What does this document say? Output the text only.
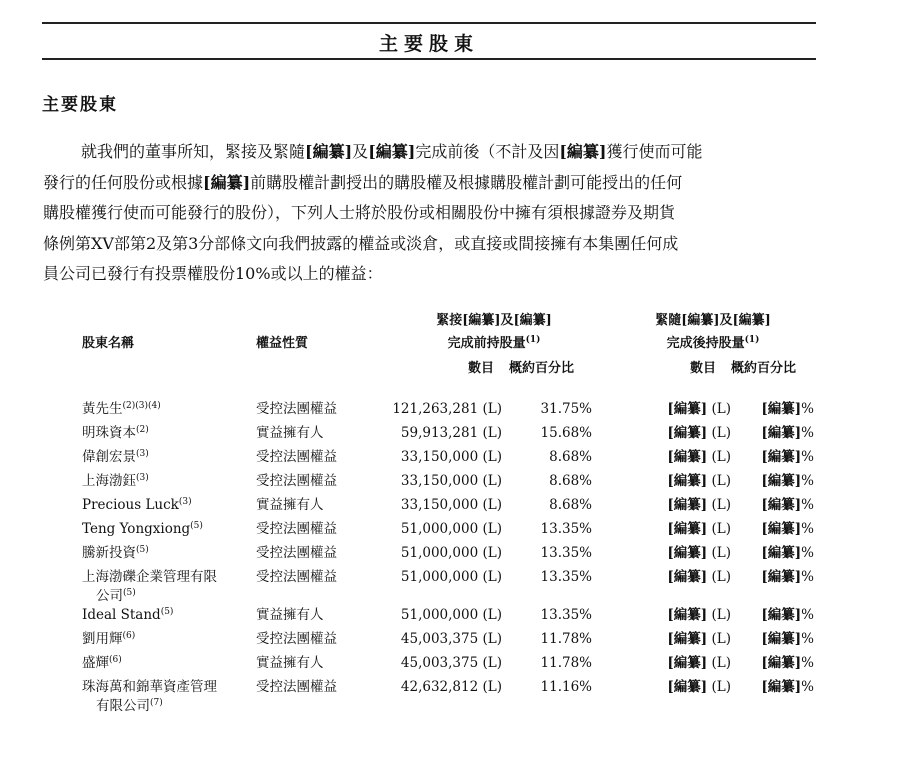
主要股東
主要股東
就我們的董事所知，緊接及緊隨[編纂]及[編纂]完成前後（不計及因[編纂]獲行使而可能
發行的任何股份或根據[編纂]前購股權計劃授出的購股權及根據購股權計劃可能授出的任何
購股權獲行使而可能發行的股份），下列人士將於股份或相關股份中擁有須根據證券及期貨
條例第XV部第2及第3分部條文向我們披露的權益或淡倉，或直接或間接擁有本集團任何成
員公司已發行有投票權股份10%或以上的權益：
股東名稱	權益性質
緊接[編纂]及[編纂]
完成前持股量$^{(1)}$
緊隨[編纂]及[編纂]
完成後持股量$^{(1)}$
數目 概約百分比	數目 概約百分比
黃先生$^{(2)(3)(4)}$	受控法團權益	121,263,281 (L)	31.75%	[編纂] (L)	[編纂]%
明珠資本$^{(2)}$	實益擁有人	59,913,281 (L)	15.68%	[編纂] (L)	[編纂]%
偉創宏景$^{(3)}$	受控法團權益	33,150,000 (L)	8.68%	[編纂] (L)	[編纂]%
上海渤鈺$^{(3)}$	受控法團權益	33,150,000 (L)	8.68%	[編纂] (L)	[編纂]%
Precious Luck$^{(3)}$	實益擁有人	33,150,000 (L)	8.68%	[編纂] (L)	[編纂]%
Teng Yongxiong$^{(5)}$	受控法團權益	51,000,000 (L)	13.35%	[編纂] (L)	[編纂]%
騰新投資$^{(5)}$	受控法團權益	51,000,000 (L)	13.35%	[編纂] (L)	[編纂]%
上海渤礫企業管理有限
公司$^{(5)}$	受控法團權益	51,000,000 (L)	13.35%	[編纂] (L)	[編纂]%
Ideal Stand$^{(5)}$	實益擁有人	51,000,000 (L)	13.35%	[編纂] (L)	[編纂]%
劉用輝$^{(6)}$	受控法團權益	45,003,375 (L)	11.78%	[編纂] (L)	[編纂]%
盛輝$^{(6)}$	實益擁有人	45,003,375 (L)	11.78%	[編纂] (L)	[編纂]%
珠海萬和錦華資產管理
有限公司$^{(7)}$	受控法團權益	42,632,812 (L)	11.16%	[編纂] (L)	[編纂]%
